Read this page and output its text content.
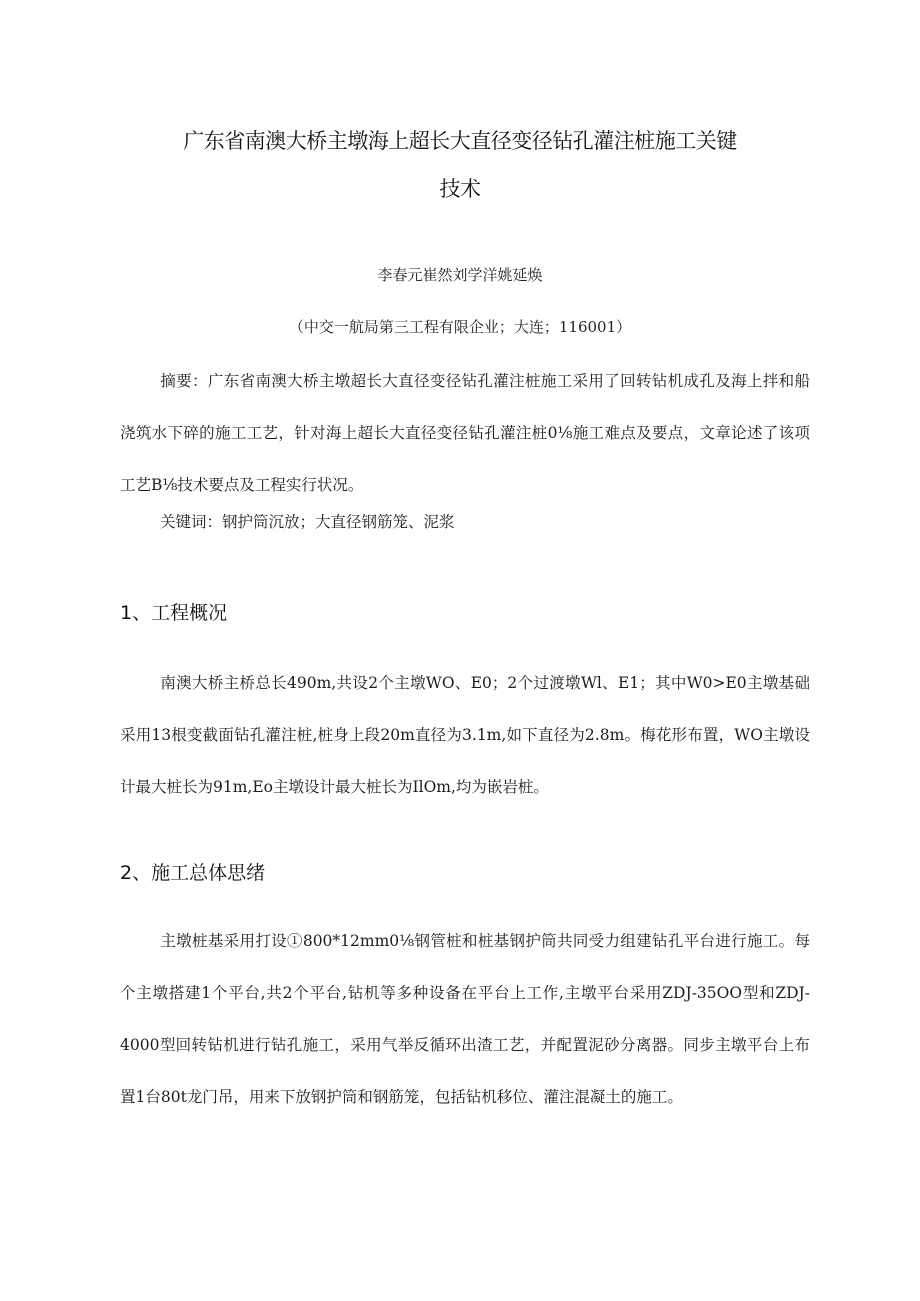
广东省南澳大桥主墩海上超长大直径变径钻孔灌注桩施工关键
技术
李春元崔然刘学洋姚延焕
（中交一航局第三工程有限企业；大连；116001）
摘要：广东省南澳大桥主墩超长大直径变径钻孔灌注桩施工采用了回转钻机成孔及海上拌和船浇筑水下碎的施工工艺，针对海上超长大直径变径钻孔灌注桩0⅛施工难点及要点，文章论述了该项工艺B⅛技术要点及工程实行状况。
关键词：钢护筒沉放；大直径钢筋笼、泥浆
1、工程概况
南澳大桥主桥总长490m,共设2个主墩WO、E0；2个过渡墩Wl、E1；其中W0>E0主墩基础采用13根变截面钻孔灌注桩,桩身上段20m直径为3.1m,如下直径为2.8m。梅花形布置，WO主墩设计最大桩长为91m,Eo主墩设计最大桩长为IlOm,均为嵌岩桩。
2、施工总体思绪
主墩桩基采用打设①800*12mm0⅛钢管桩和桩基钢护筒共同受力组建钻孔平台进行施工。每个主墩搭建1个平台,共2个平台,钻机等多种设备在平台上工作,主墩平台采用ZDJ-35OO型和ZDJ-4000型回转钻机进行钻孔施工，采用气举反循环出渣工艺，并配置泥砂分离器。同步主墩平台上布置1台80t龙门吊，用来下放钢护筒和钢筋笼，包括钻机移位、灌注混凝土的施工。
